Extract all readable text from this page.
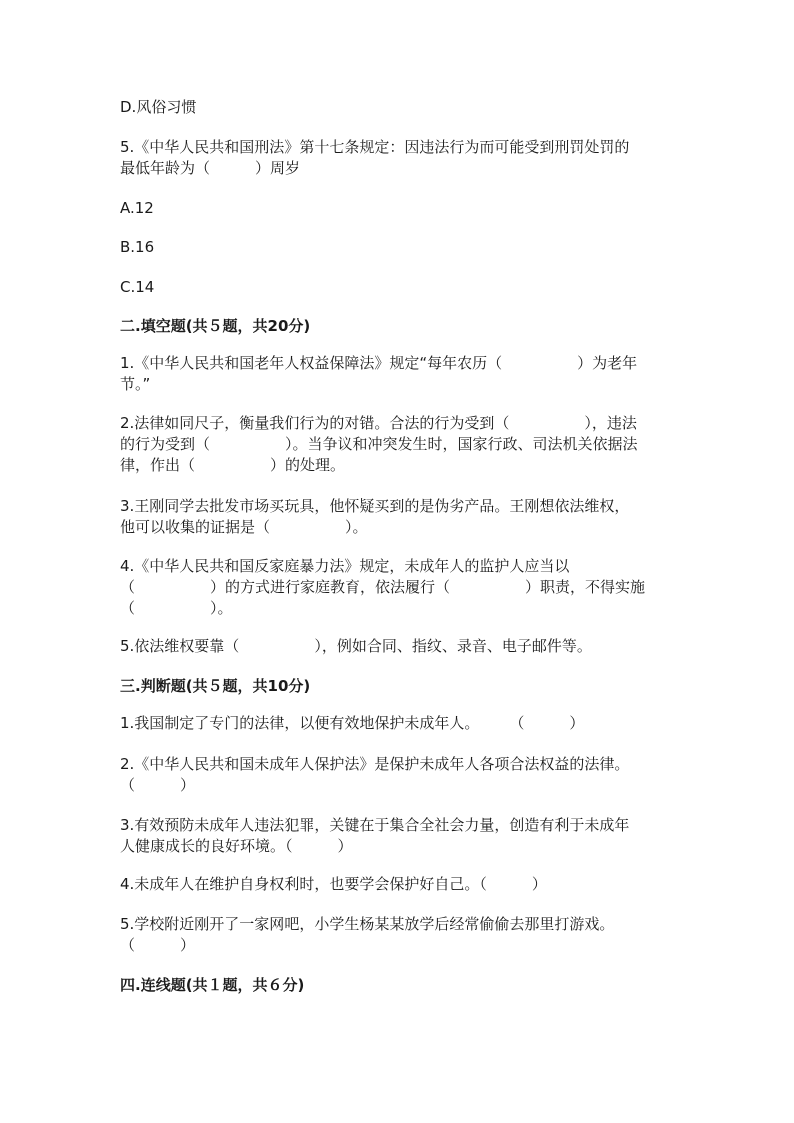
D.风俗习惯

5.《中华人民共和国刑法》第十七条规定：因违法行为而可能受到刑罚处罚的
最低年龄为（　　　）周岁

A.12

B.16

C.14

二.填空题(共５题，共20分)

1.《中华人民共和国老年人权益保障法》规定“每年农历（　　　　　）为老年
节。”

2.法律如同尺子，衡量我们行为的对错。合法的行为受到（　　　　　），违法
的行为受到（　　　　　）。当争议和冲突发生时，国家行政、司法机关依据法
律，作出（　　　　　）的处理。

3.王刚同学去批发市场买玩具，他怀疑买到的是伪劣产品。王刚想依法维权，
他可以收集的证据是（　　　　　）。

4.《中华人民共和国反家庭暴力法》规定，未成年人的监护人应当以
（　　　　　）的方式进行家庭教育，依法履行（　　　　　）职责，不得实施
（　　　　　）。

5.依法维权要靠（　　　　　），例如合同、指纹、录音、电子邮件等。

三.判断题(共５题，共10分)

1.我国制定了专门的法律，以便有效地保护未成年人。　　　（　　　）

2.《中华人民共和国未成年人保护法》是保护未成年人各项合法权益的法律。
（　　　）

3.有效预防未成年人违法犯罪，关键在于集合全社会力量，创造有利于未成年
人健康成长的良好环境。（　　　）

4.未成年人在维护自身权利时，也要学会保护好自己。（　　　）

5.学校附近刚开了一家网吧，小学生杨某某放学后经常偷偷去那里打游戏。
（　　　）

四.连线题(共１题，共６分)
